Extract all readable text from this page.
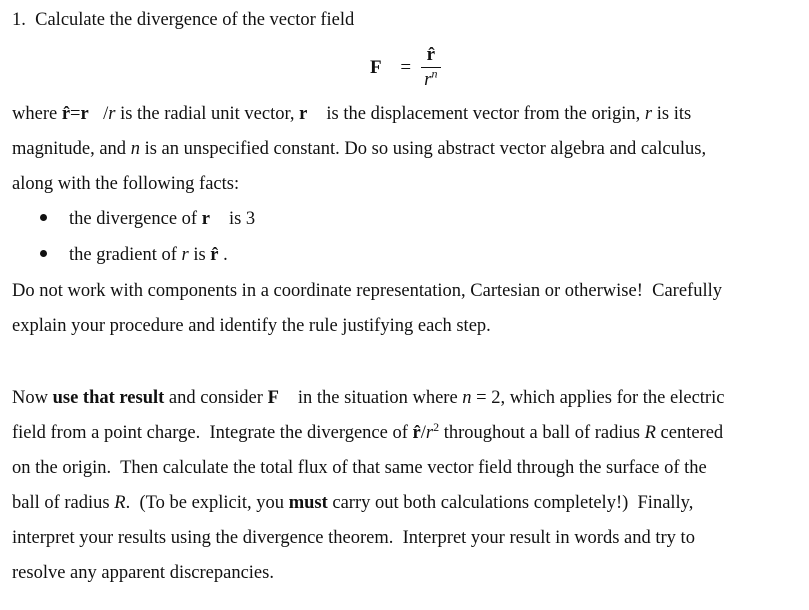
1. Calculate the divergence of the vector field
F⃗ = $\frac{r̂}{r^n}$
where r̂=r⃗/r is the radial unit vector, r⃗ is the displacement vector from the origin, r is its
magnitude, and n is an unspecified constant. Do so using abstract vector algebra and calculus,
along with the following facts:
the divergence of r⃗ is 3
the gradient of r is r̂ .
Do not work with components in a coordinate representation, Cartesian or otherwise!  Carefully
explain your procedure and identify the rule justifying each step.
Now use that result and consider F⃗ in the situation where n = 2, which applies for the electric
field from a point charge.  Integrate the divergence of $r̂/r^2$ throughout a ball of radius R centered
on the origin.  Then calculate the total flux of that same vector field through the surface of the
ball of radius R.  (To be explicit, you must carry out both calculations completely!)  Finally,
interpret your results using the divergence theorem.  Interpret your result in words and try to
resolve any apparent discrepancies.
